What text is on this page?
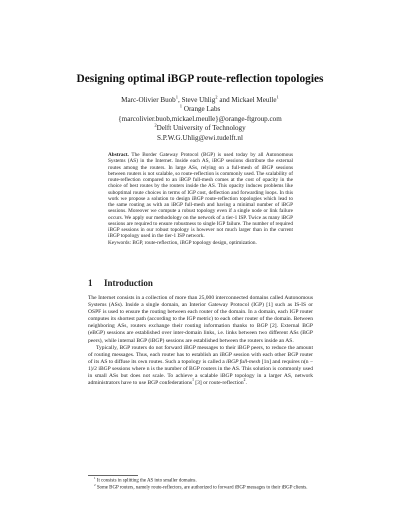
Designing optimal iBGP route-reflection topologies
Marc-Olivier Buob$^1$, Steve Uhlig$^2$ and Mickael Meulle$^1$
$^1$ Orange Labs
{marcolivier.buob,mickael.meulle}@orange-ftgroup.com
$^2$Delft University of Technology
S.P.W.G.Uhlig@ewi.tudelft.nl

Abstract. The Border Gateway Protocol (BGP) is used today by all Autonomous Systems (AS) in the Internet. Inside each AS, iBGP sessions distribute the external routes among the routers. In large ASs, relying on a full-mesh of iBGP sessions between routers is not scalable, so route-reflection is commonly used. The scalability of route-reflection compared to an iBGP full-mesh comes at the cost of opacity in the choice of best routes by the routers inside the AS. This opacity induces problems like suboptimal route choices in terms of IGP cost, deflection and forwarding loops. In this work we propose a solution to design iBGP route-reflection topologies which lead to the same routing as with an iBGP full-mesh and having a minimal number of iBGP sessions. Moreover we compute a robust topology even if a single node or link failure occurs. We apply our methodology on the network of a tier-1 ISP. Twice as many iBGP sessions are required to ensure robustness to single IGP failure. The number of required iBGP sessions in our robust topology is however not much larger than in the current iBGP topology used in the tier-1 ISP network.

Keywords: BGP, route-reflection, iBGP topology design, optimization.

1 Introduction

The Internet consists in a collection of more than 25,000 interconnected domains called Autonomous Systems (ASs). Inside a single domain, an Interior Gateway Protocol (IGP) [1] such as IS-IS or OSPF is used to ensure the routing between each router of the domain. In a domain, each IGP router computes its shortest path (according to the IGP metric) to each other router of the domain. Between neighboring ASs, routers exchange their routing information thanks to BGP [2]. External BGP (eBGP) sessions are established over inter-domain links, i.e. links between two different ASs (BGP peers), while internal BGP (iBGP) sessions are established between the routers inside an AS.

Typically, BGP routers do not forward iBGP messages to their iBGP peers, to reduce the amount of routing messages. Thus, each router has to establish an iBGP session with each other BGP router of its AS to diffuse its own routes. Such a topology is called a iBGP full-mesh [1n] and requires n(n − 1)/2 iBGP sessions where n is the number of BGP routers in the AS. This solution is commonly used in small ASs but does not scale. To achieve a scalable iBGP topology in a larger AS, network administrators have to use BGP confederations$^1$ [3] or route-reflection$^2$.

$^1$ It consists in splitting the AS into smaller domains.

$^2$ Some BGP routers, namely route-reflectors, are authorized to forward iBGP messages to their iBGP clients.
